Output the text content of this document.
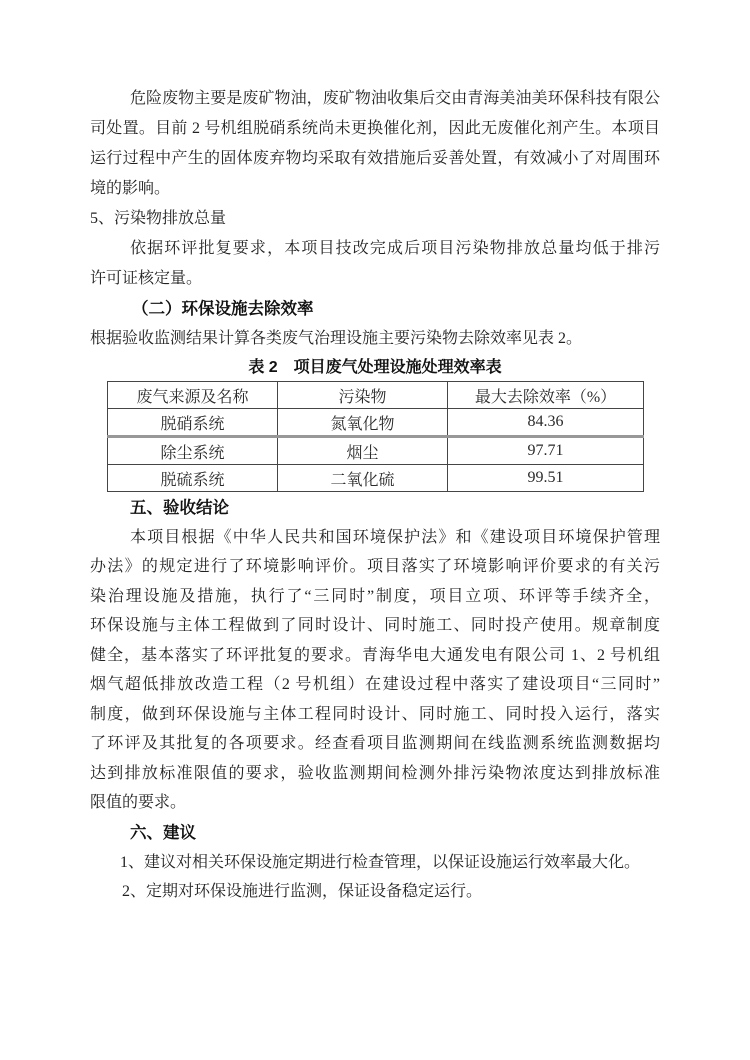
危险废物主要是废矿物油，废矿物油收集后交由青海美油美环保科技有限公
司处置。目前 2 号机组脱硝系统尚未更换催化剂，因此无废催化剂产生。本项目
运行过程中产生的固体废弃物均采取有效措施后妥善处置，有效减小了对周围环
境的影响。
5、污染物排放总量
依据环评批复要求，本项目技改完成后项目污染物排放总量均低于排污
许可证核定量。
（二）环保设施去除效率
根据验收监测结果计算各类废气治理设施主要污染物去除效率见表 2。
表 2　项目废气处理设施处理效率表
废气来源及名称	污染物	最大去除效率（%）
脱硝系统	氮氧化物	84.36
除尘系统	烟尘	97.71
脱硫系统	二氧化硫	99.51
五、验收结论
本项目根据《中华人民共和国环境保护法》和《建设项目环境保护管理
办法》的规定进行了环境影响评价。项目落实了环境影响评价要求的有关污
染治理设施及措施，执行了“三同时”制度，项目立项、环评等手续齐全，
环保设施与主体工程做到了同时设计、同时施工、同时投产使用。规章制度
健全，基本落实了环评批复的要求。青海华电大通发电有限公司 1、2 号机组
烟气超低排放改造工程（2 号机组）在建设过程中落实了建设项目“三同时”
制度，做到环保设施与主体工程同时设计、同时施工、同时投入运行，落实
了环评及其批复的各项要求。经查看项目监测期间在线监测系统监测数据均
达到排放标准限值的要求，验收监测期间检测外排污染物浓度达到排放标准
限值的要求。
六、建议
1、建议对相关环保设施定期进行检查管理，以保证设施运行效率最大化。
2、定期对环保设施进行监测，保证设备稳定运行。
